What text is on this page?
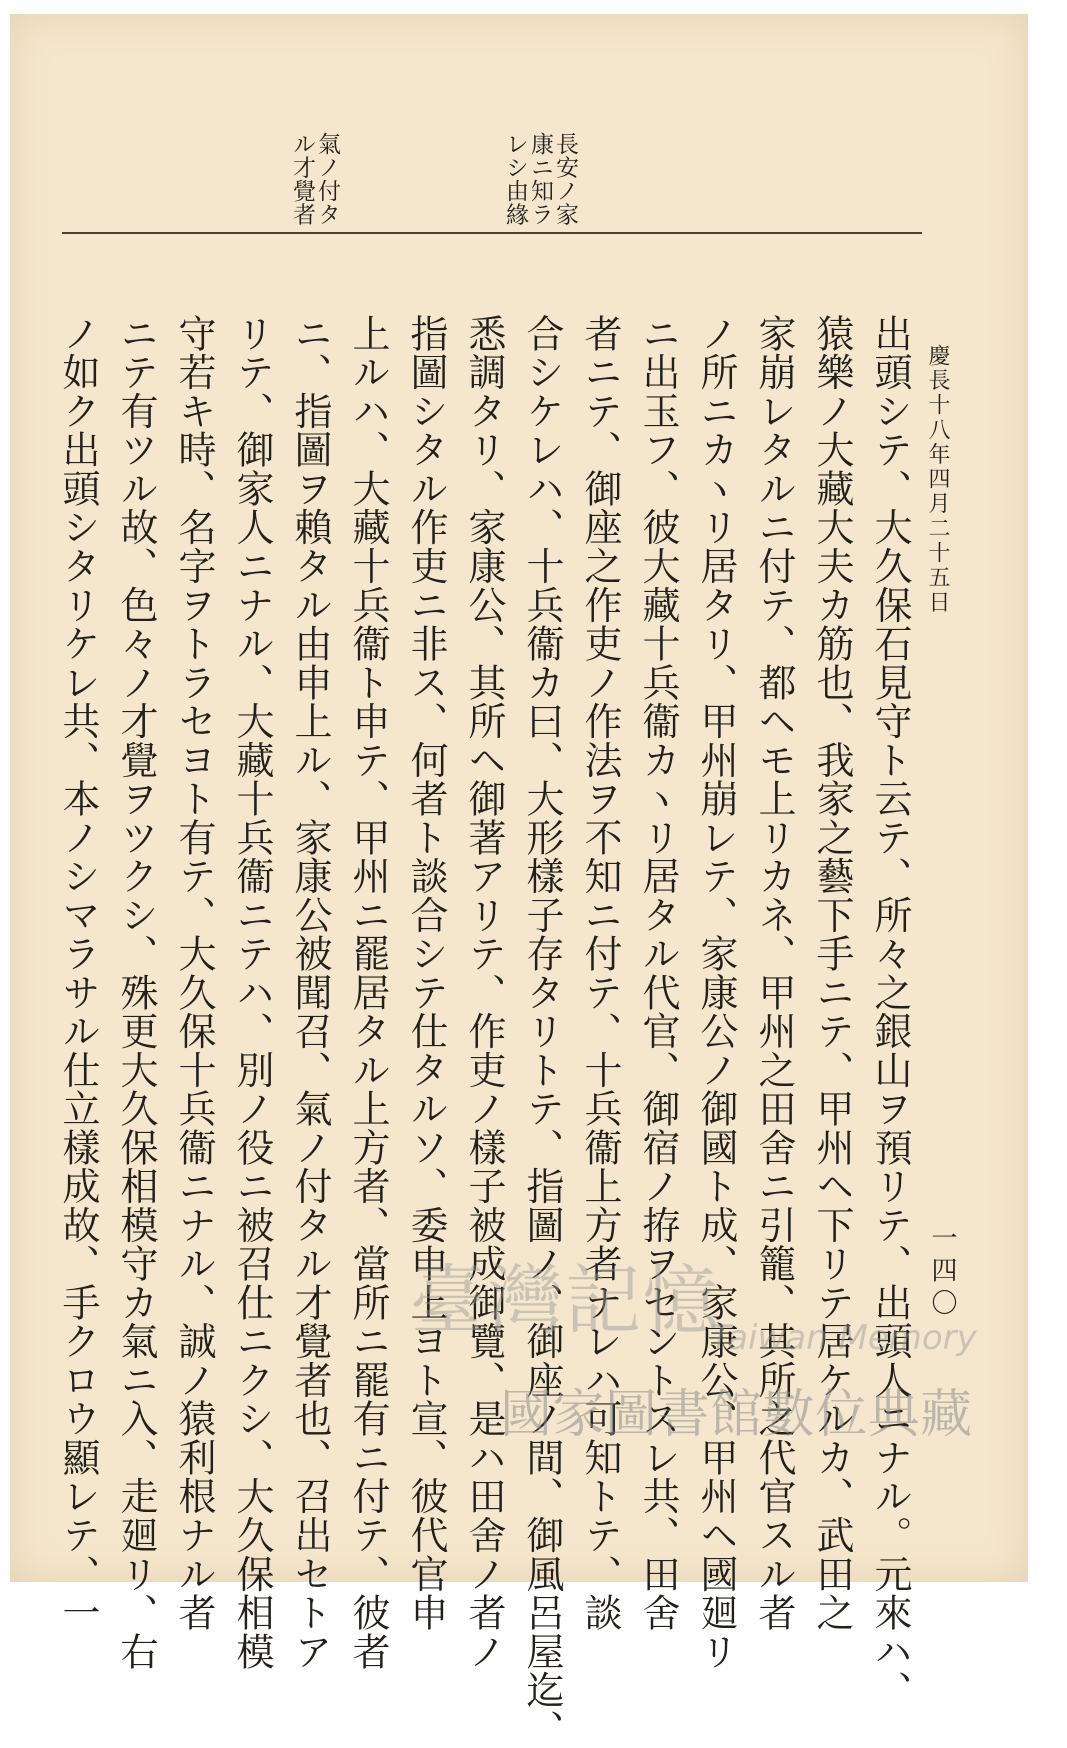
慶長十八年四月二十五日
一四〇
長安ノ家
康ニ知ラ
レシ由緣
氣ノ付タ
ル才覺者
出頭シテ、大久保石見守ト云テ、所々之銀山ヲ預リテ、出頭人ニナル。元來ハ、
猿樂ノ大藏大夫カ筋也、我家之藝下手ニテ、甲州ヘ下リテ居ケルカ、武田之
家崩レタルニ付テ、都ヘモ上リカネ、甲州之田舍ニ引籠、其所之代官スル者
ノ所ニカヽリ居タリ、甲州崩レテ、家康公ノ御國ト成、家康公、甲州ヘ國廻リ
ニ出玉フ、彼大藏十兵衞カヽリ居タル代官、御宿ノ拵ヲセントスレ共、田舍
者ニテ、御座之作吏ノ作法ヲ不知ニ付テ、十兵衞上方者ナレハ可知トテ、談
合シケレハ、十兵衞カ曰、大形樣子存タリトテ、指圖ノ、御座ノ間、御風呂屋迄、
悉調タリ、家康公、其所ヘ御著アリテ、作吏ノ樣子被成御覽、是ハ田舍ノ者ノ
指圖シタル作吏ニ非ス、何者ト談合シテ仕タルソ、委申上ヨト宣、彼代官申
上ルハ、大藏十兵衞ト申テ、甲州ニ罷居タル上方者、當所ニ罷有ニ付テ、彼者
ニ、指圖ヲ賴タル由申上ル、家康公被聞召、氣ノ付タル才覺者也、召出セトア
リテ、御家人ニナル、大藏十兵衞ニテハ、別ノ役ニ被召仕ニクシ、大久保相模
守若キ時、名字ヲトラセヨト有テ、大久保十兵衞ニナル、誠ノ猿利根ナル者
ニテ有ツル故、色々ノ才覺ヲツクシ、殊更大久保相模守カ氣ニ入、走廻リ、右
ノ如ク出頭シタリケレ共、本ノシマラサル仕立樣成故、手クロウ顯レテ、一	臺灣記憶
Taiwan Memory
國家圖書館數位典藏
